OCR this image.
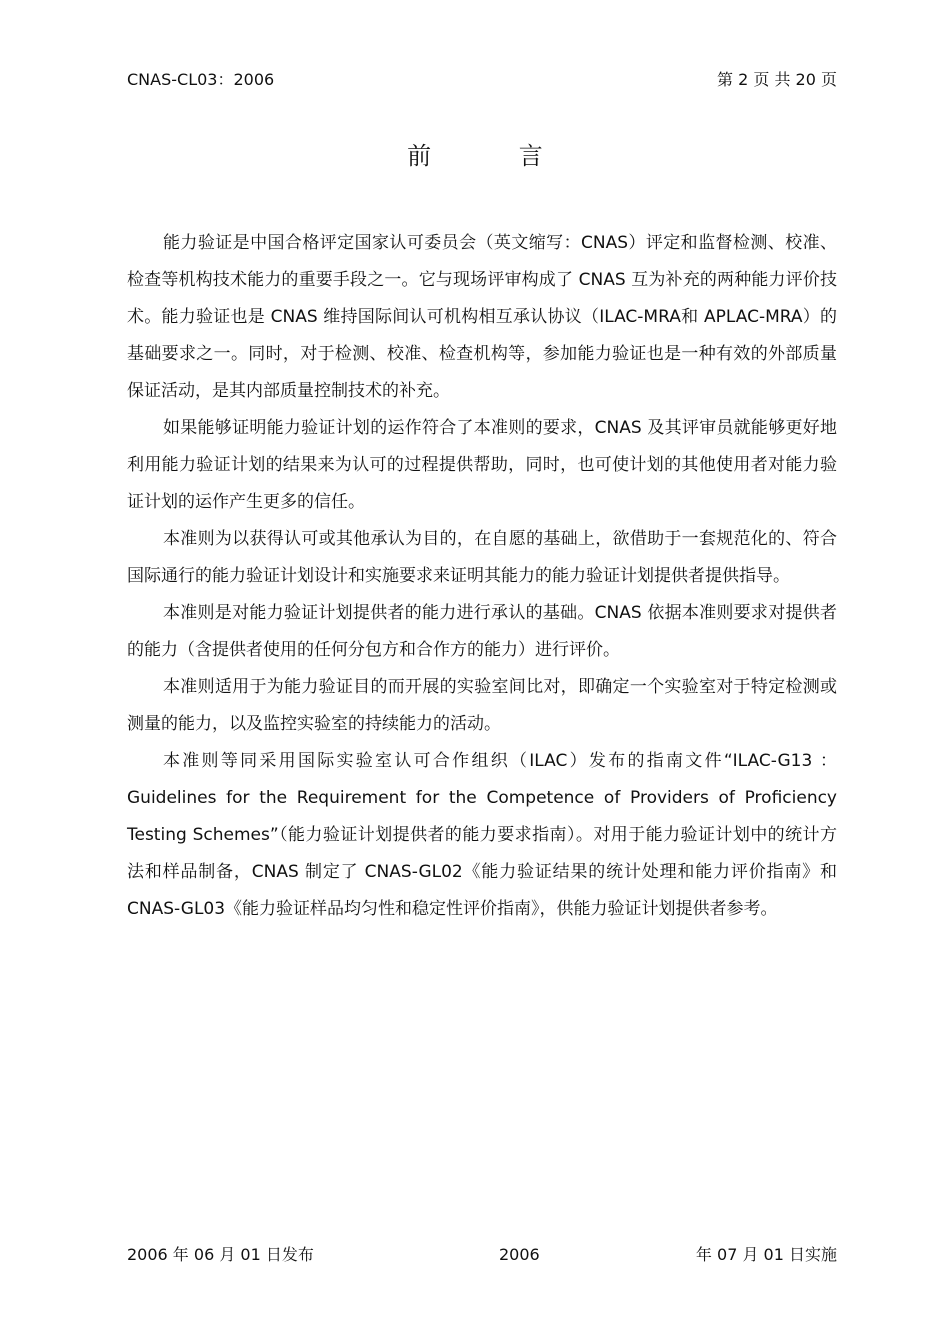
CNAS-CL03：2006	第 2 页 共 20 页
前 言

能力验证是中国合格评定国家认可委员会（英文缩写：CNAS）评定和监督检测、校准、检查等机构技术能力的重要手段之一。它与现场评审构成了 CNAS 互为补充的两种能力评价技术。能力验证也是 CNAS 维持国际间认可机构相互承认协议（ILAC-MRA和 APLAC-MRA）的基础要求之一。同时，对于检测、校准、检查机构等，参加能力验证也是一种有效的外部质量保证活动，是其内部质量控制技术的补充。

如果能够证明能力验证计划的运作符合了本准则的要求，CNAS 及其评审员就能够更好地利用能力验证计划的结果来为认可的过程提供帮助，同时，也可使计划的其他使用者对能力验证计划的运作产生更多的信任。

本准则为以获得认可或其他承认为目的，在自愿的基础上，欲借助于一套规范化的、符合国际通行的能力验证计划设计和实施要求来证明其能力的能力验证计划提供者提供指导。

本准则是对能力验证计划提供者的能力进行承认的基础。CNAS 依据本准则要求对提供者的能力（含提供者使用的任何分包方和合作方的能力）进行评价。

本准则适用于为能力验证目的而开展的实验室间比对，即确定一个实验室对于特定检测或测量的能力，以及监控实验室的持续能力的活动。

本准则等同采用国际实验室认可合作组织（ILAC）发布的指南文件“ILAC-G13 ：Guidelines for the Requirement for the Competence of Providers of Proficiency Testing Schemes”（能力验证计划提供者的能力要求指南）。对用于能力验证计划中的统计方法和样品制备，CNAS 制定了 CNAS-GL02《能力验证结果的统计处理和能力评价指南》和 CNAS-GL03《能力验证样品均匀性和稳定性评价指南》，供能力验证计划提供者参考。

2006 年 06 月 01 日发布	2006	年 07 月 01 日实施
